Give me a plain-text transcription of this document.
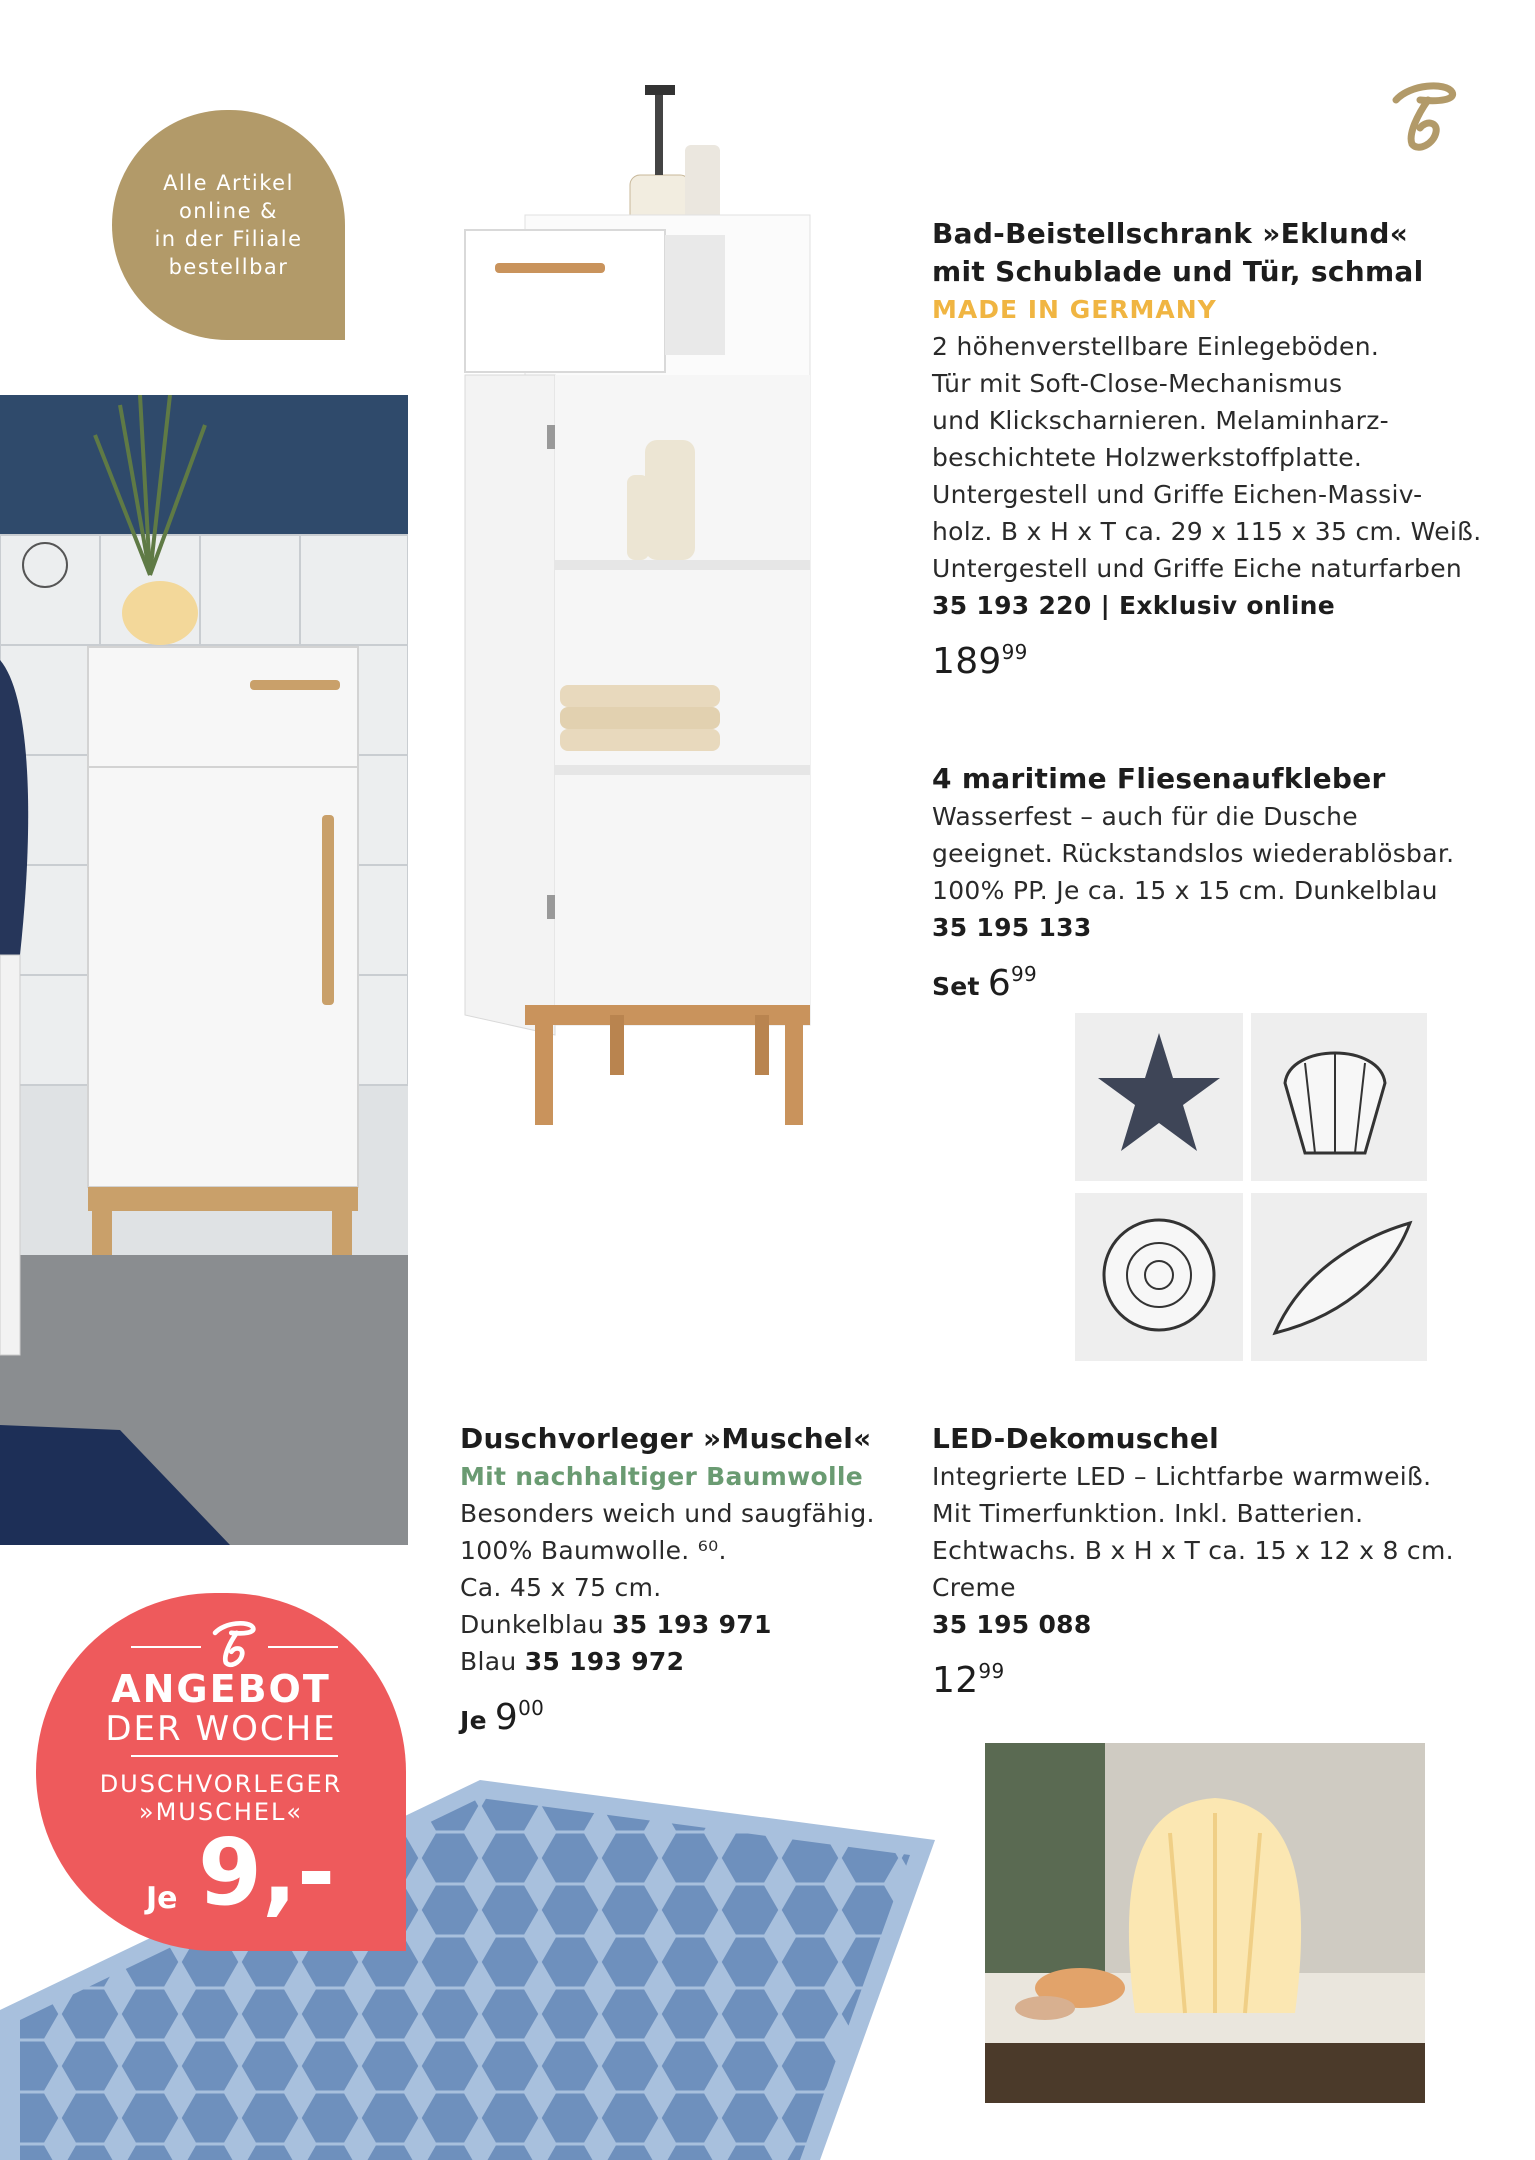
Alle Artikel
online &
in der Filiale
bestellbar
Bad-Beistellschrank »Eklund«
mit Schublade und Tür, schmal
MADE IN GERMANY
2 höhenverstellbare Einlegeböden.
Tür mit Soft-Close-Mechanismus
und Klickscharnieren. Melaminharz-
beschichtete Holzwerkstoffplatte.
Untergestell und Griffe Eichen-Massiv-
holz. B x H x T ca. 29 x 115 x 35 cm. Weiß.
Untergestell und Griffe Eiche naturfarben
35 193 220 | Exklusiv online
$189^{99}$
4 maritime Fliesenaufkleber
Wasserfest – auch für die Dusche
geeignet. Rückstandslos wiederablösbar.
100% PP. Je ca. 15 x 15 cm. Dunkelblau
35 195 133
Set $6^{99}$
Duschvorleger »Muschel«
Mit nachhaltiger Baumwolle
Besonders weich und saugfähig.
100% Baumwolle. ⁶⁰.
Ca. 45 x 75 cm.
Dunkelblau 35 193 971
Blau 35 193 972
Je $9^{00}$
LED-Dekomuschel
Integrierte LED – Lichtfarbe warmweiß.
Mit Timerfunktion. Inkl. Batterien.
Echtwachs. B x H x T ca. 15 x 12 x 8 cm.
Creme
35 195 088
$12^{99}$
ANGEBOT
DER WOCHE
DUSCHVORLEGER
»MUSCHEL«
Je 9,-
